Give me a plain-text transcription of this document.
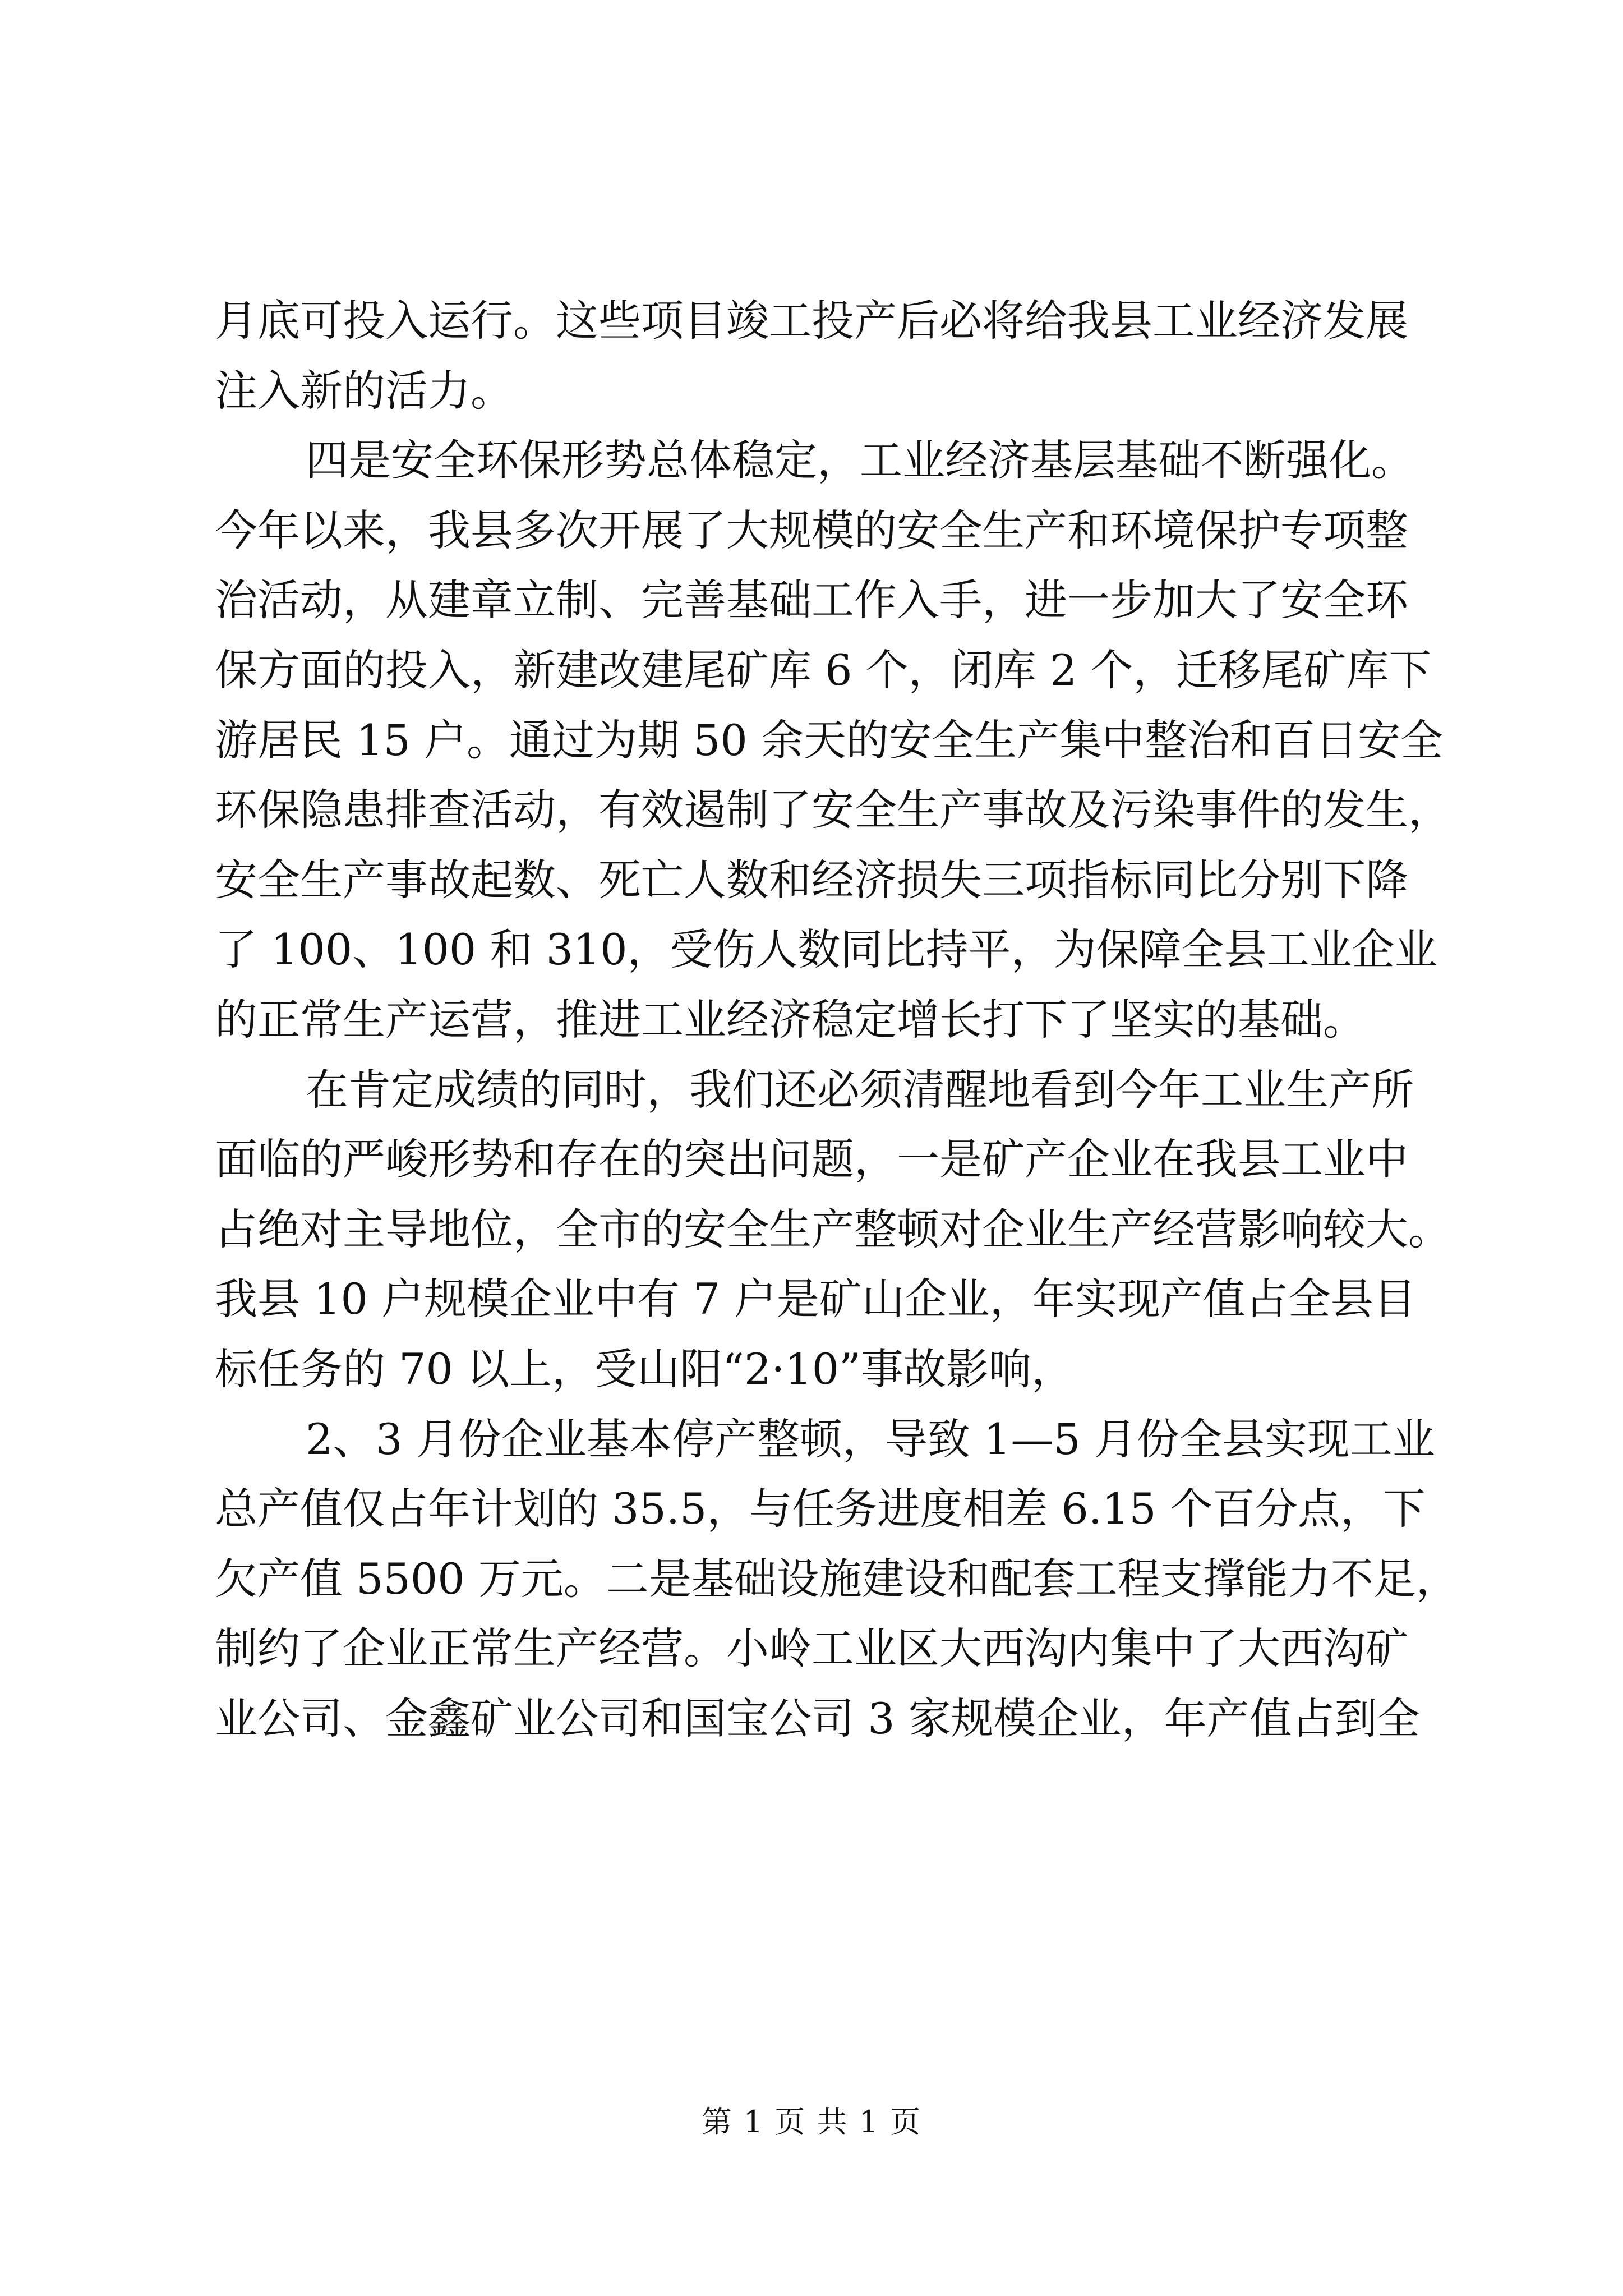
月底可投入运行。这些项目竣工投产后必将给我县工业经济发展
注入新的活力。
四是安全环保形势总体稳定，工业经济基层基础不断强化。
今年以来，我县多次开展了大规模的安全生产和环境保护专项整
治活动，从建章立制、完善基础工作入手，进一步加大了安全环
保方面的投入，新建改建尾矿库 6 个，闭库 2 个，迁移尾矿库下
游居民 15 户。通过为期 50 余天的安全生产集中整治和百日安全
环保隐患排查活动，有效遏制了安全生产事故及污染事件的发生，
安全生产事故起数、死亡人数和经济损失三项指标同比分别下降
了 100、100 和 310，受伤人数同比持平，为保障全县工业企业
的正常生产运营，推进工业经济稳定增长打下了坚实的基础。
在肯定成绩的同时，我们还必须清醒地看到今年工业生产所
面临的严峻形势和存在的突出问题，一是矿产企业在我县工业中
占绝对主导地位，全市的安全生产整顿对企业生产经营影响较大。
我县 10 户规模企业中有 7 户是矿山企业，年实现产值占全县目
标任务的 70 以上，受山阳“2·10”事故影响，
2、3 月份企业基本停产整顿，导致 1—5 月份全县实现工业
总产值仅占年计划的 35.5，与任务进度相差 6.15 个百分点，下
欠产值 5500 万元。二是基础设施建设和配套工程支撑能力不足，
制约了企业正常生产经营。小岭工业区大西沟内集中了大西沟矿
业公司、金鑫矿业公司和国宝公司 3 家规模企业，年产值占到全
第 1 页 共 1 页
